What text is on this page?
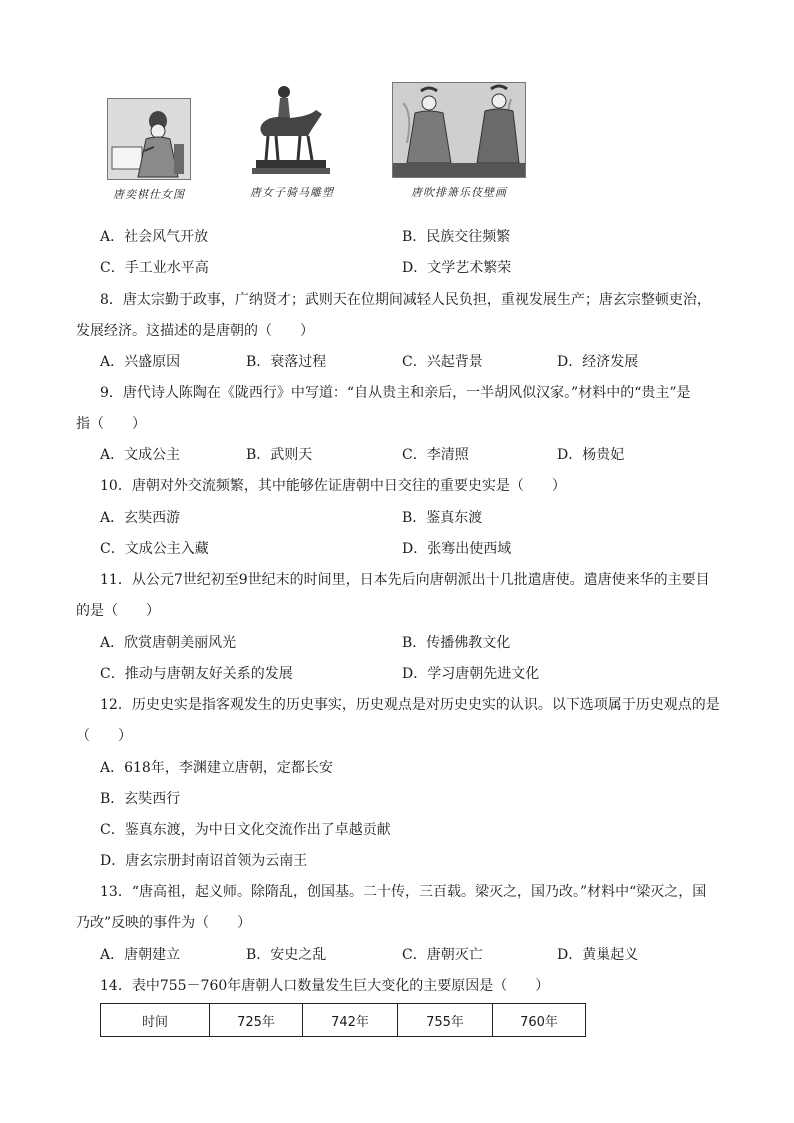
唐奕棋仕女图	唐女子骑马雕塑	唐吹排箫乐伎壁画
A．社会风气开放	B．民族交往频繁
C．手工业水平高	D．文学艺术繁荣
8．唐太宗勤于政事，广纳贤才；武则天在位期间减轻人民负担，重视发展生产；唐玄宗整顿吏治，
发展经济。这描述的是唐朝的（　　）
A．兴盛原因	B．衰落过程	C．兴起背景	D．经济发展
9．唐代诗人陈陶在《陇西行》中写道：“自从贵主和亲后，一半胡风似汉家。”材料中的“贵主”是
指（　　）
A．文成公主	B．武则天	C．李清照	D．杨贵妃
10．唐朝对外交流频繁，其中能够佐证唐朝中日交往的重要史实是（　　）
A．玄奘西游	B．鉴真东渡
C．文成公主入藏	D．张骞出使西域
11．从公元7世纪初至9世纪末的时间里，日本先后向唐朝派出十几批遣唐使。遣唐使来华的主要目
的是（　　）
A．欣赏唐朝美丽风光	B．传播佛教文化
C．推动与唐朝友好关系的发展	D．学习唐朝先进文化
12．历史史实是指客观发生的历史事实，历史观点是对历史史实的认识。以下选项属于历史观点的是
（　　）
A．618年，李渊建立唐朝，定都长安
B．玄奘西行
C．鉴真东渡，为中日文化交流作出了卓越贡献
D．唐玄宗册封南诏首领为云南王
13．“唐高祖，起义师。除隋乱，创国基。二十传，三百载。梁灭之，国乃改。”材料中“梁灭之，国
乃改”反映的事件为（　　）
A．唐朝建立	B．安史之乱	C．唐朝灭亡	D．黄巢起义
14．表中755－760年唐朝人口数量发生巨大变化的主要原因是（　　）
时间	725年	742年	755年	760年
